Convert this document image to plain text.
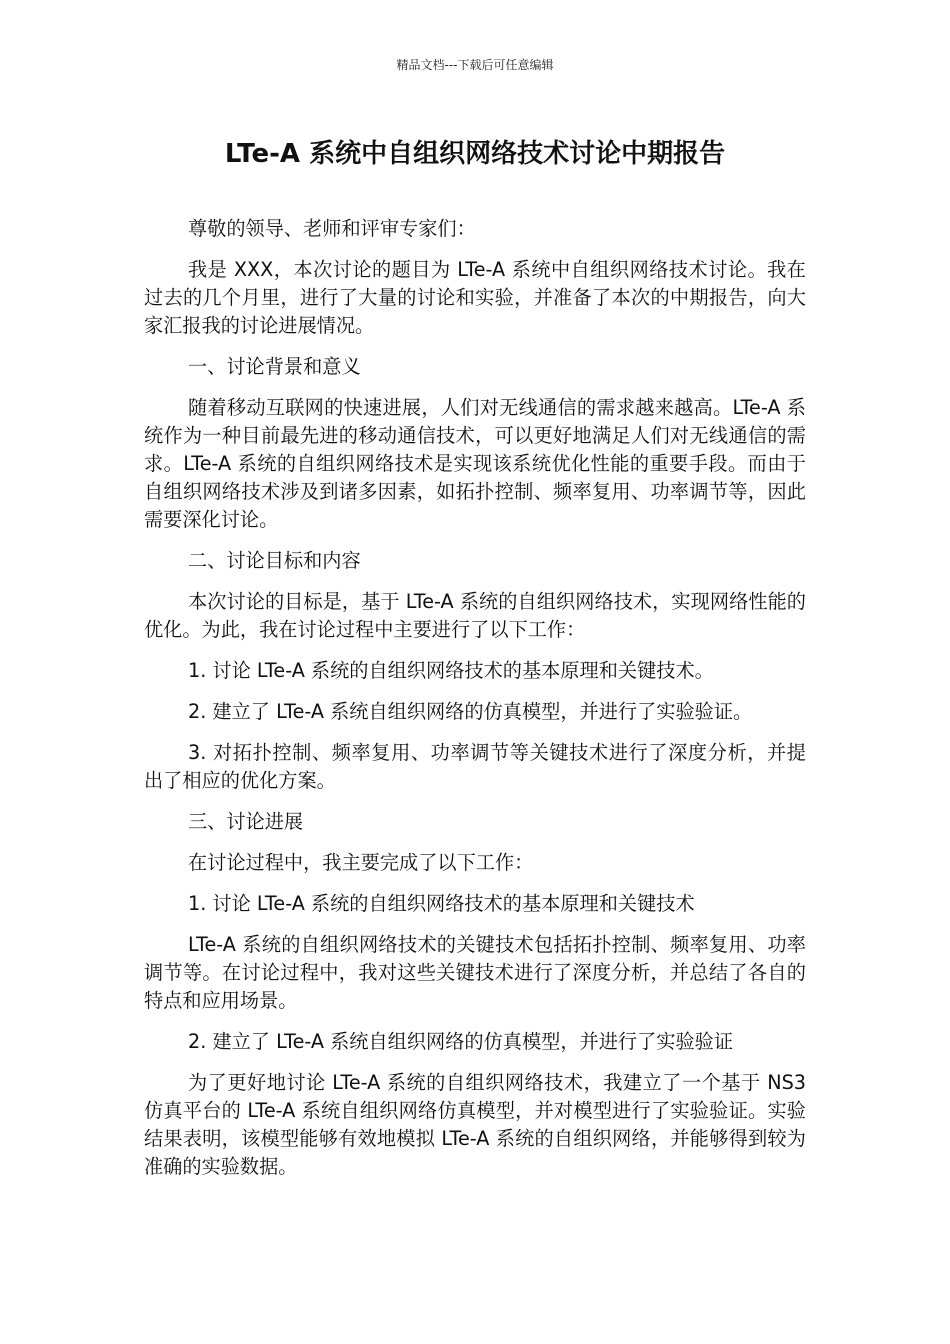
精品文档---下载后可任意编辑
LTe-A 系统中自组织网络技术讨论中期报告

尊敬的领导、老师和评审专家们：

我是 XXX，本次讨论的题目为 LTe-A 系统中自组织网络技术讨论。我在过去的几个月里，进行了大量的讨论和实验，并准备了本次的中期报告，向大家汇报我的讨论进展情况。

一、讨论背景和意义

随着移动互联网的快速进展，人们对无线通信的需求越来越高。LTe-A 系统作为一种目前最先进的移动通信技术，可以更好地满足人们对无线通信的需求。LTe-A 系统的自组织网络技术是实现该系统优化性能的重要手段。而由于自组织网络技术涉及到诸多因素，如拓扑控制、频率复用、功率调节等，因此需要深化讨论。

二、讨论目标和内容

本次讨论的目标是，基于 LTe-A 系统的自组织网络技术，实现网络性能的优化。为此，我在讨论过程中主要进行了以下工作：

1. 讨论 LTe-A 系统的自组织网络技术的基本原理和关键技术。

2. 建立了 LTe-A 系统自组织网络的仿真模型，并进行了实验验证。

3. 对拓扑控制、频率复用、功率调节等关键技术进行了深度分析，并提出了相应的优化方案。

三、讨论进展

在讨论过程中，我主要完成了以下工作：

1. 讨论 LTe-A 系统的自组织网络技术的基本原理和关键技术

LTe-A 系统的自组织网络技术的关键技术包括拓扑控制、频率复用、功率调节等。在讨论过程中，我对这些关键技术进行了深度分析，并总结了各自的特点和应用场景。

2. 建立了 LTe-A 系统自组织网络的仿真模型，并进行了实验验证

为了更好地讨论 LTe-A 系统的自组织网络技术，我建立了一个基于 NS3 仿真平台的 LTe-A 系统自组织网络仿真模型，并对模型进行了实验验证。实验结果表明，该模型能够有效地模拟 LTe-A 系统的自组织网络，并能够得到较为准确的实验数据。
